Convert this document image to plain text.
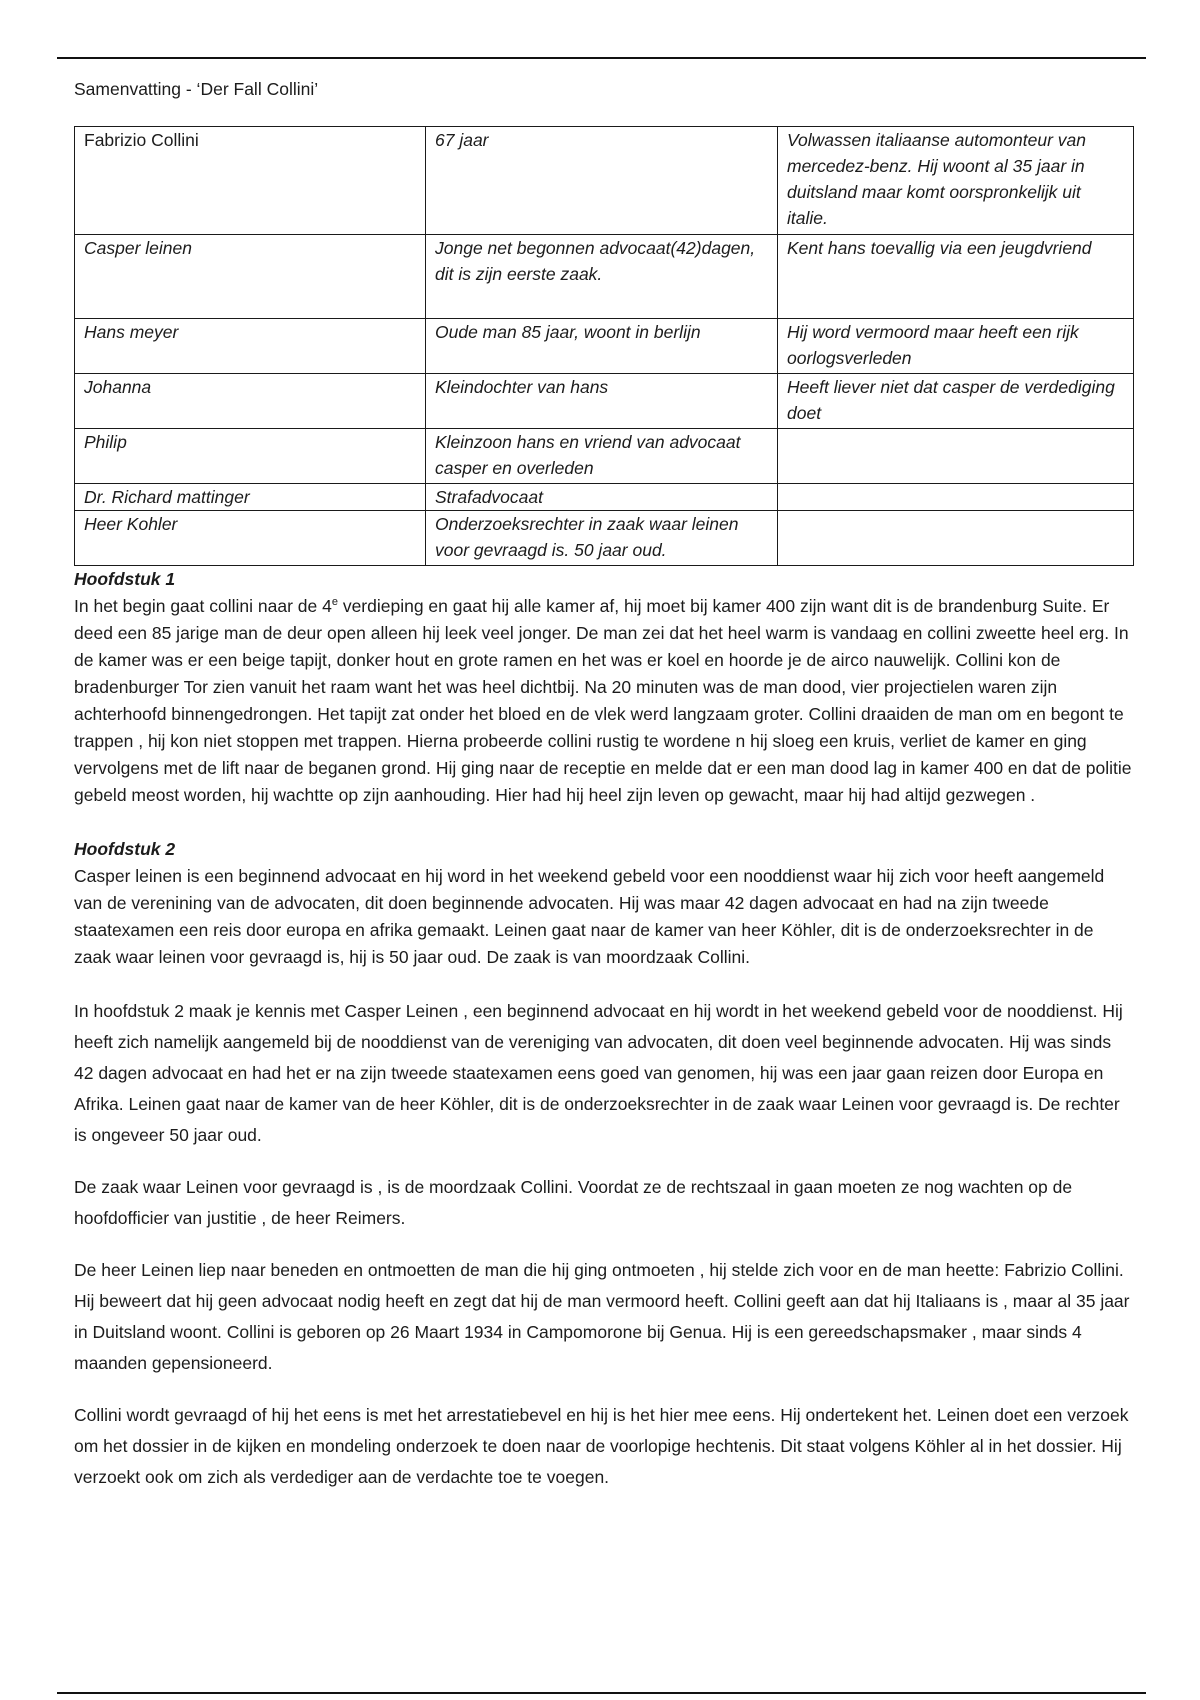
Samenvatting - ‘Der Fall Collini’

Fabrizio Collini	67 jaar	Volwassen italiaanse automonteur van mercedez-benz. Hij woont al 35 jaar in duitsland maar komt oorspronkelijk uit italie.
Casper leinen	Jonge net begonnen advocaat(42)dagen, dit is zijn eerste zaak.	Kent hans toevallig via een jeugdvriend
Hans meyer	Oude man 85 jaar, woont in berlijn	Hij word vermoord maar heeft een rijk oorlogsverleden
Johanna	Kleindochter van hans	Heeft liever niet dat casper de verdediging doet
Philip	Kleinzoon hans en vriend van advocaat casper en overleden	
Dr. Richard mattinger	Strafadvocaat	
Heer Kohler	Onderzoeksrechter in zaak waar leinen voor gevraagd is. 50 jaar oud.	
Hoofdstuk 1

In het begin gaat collini naar de 4e verdieping en gaat hij alle kamer af, hij moet bij kamer 400 zijn want dit is de brandenburg Suite. Er deed een 85 jarige man de deur open alleen hij leek veel jonger. De man zei dat het heel warm is vandaag en collini zweette heel erg. In de kamer was er een beige tapijt, donker hout en grote ramen en het was er koel en hoorde je de airco nauwelijk. Collini kon de bradenburger Tor zien vanuit het raam want het was heel dichtbij. Na 20 minuten was de man dood, vier projectielen waren zijn achterhoofd binnengedrongen. Het tapijt zat onder het bloed en de vlek werd langzaam groter. Collini draaiden de man om en begont te trappen , hij kon niet stoppen met trappen. Hierna probeerde collini rustig te wordene n hij sloeg een kruis, verliet de kamer en ging vervolgens met de lift naar de beganen grond. Hij ging naar de receptie en melde dat er een man dood lag in kamer 400 en dat de politie gebeld meost worden, hij wachtte op zijn aanhouding. Hier had hij heel zijn leven op gewacht, maar hij had altijd gezwegen .

Hoofdstuk 2

Casper leinen is een beginnend advocaat en hij word in het weekend gebeld voor een nooddienst waar hij zich voor heeft aangemeld van de verenining van de advocaten, dit doen beginnende advocaten. Hij was maar 42 dagen advocaat en had na zijn tweede staatexamen een reis door europa en afrika gemaakt. Leinen gaat naar de kamer van heer Köhler, dit is de onderzoeksrechter in de zaak waar leinen voor gevraagd is, hij is 50 jaar oud. De zaak is van moordzaak Collini.

In hoofdstuk 2 maak je kennis met Casper Leinen , een beginnend advocaat en hij wordt in het weekend gebeld voor de nooddienst. Hij heeft zich namelijk aangemeld bij de nooddienst van de vereniging van advocaten, dit doen veel beginnende advocaten. Hij was sinds 42 dagen advocaat en had het er na zijn tweede staatexamen eens goed van genomen, hij was een jaar gaan reizen door Europa en Afrika. Leinen gaat naar de kamer van de heer Köhler, dit is de onderzoeksrechter in de zaak waar Leinen voor gevraagd is. De rechter is ongeveer 50 jaar oud.

De zaak waar Leinen voor gevraagd is , is de moordzaak Collini. Voordat ze de rechtszaal in gaan moeten ze nog wachten op de hoofdofficier van justitie , de heer Reimers.

De heer Leinen liep naar beneden en ontmoetten de man die hij ging ontmoeten , hij stelde zich voor en de man heette: Fabrizio Collini. Hij beweert dat hij geen advocaat nodig heeft en zegt dat hij de man vermoord heeft. Collini geeft aan dat hij Italiaans is , maar al 35 jaar in Duitsland woont. Collini is geboren op 26 Maart 1934 in Campomorone bij Genua. Hij is een gereedschapsmaker , maar sinds 4 maanden gepensioneerd.

Collini wordt gevraagd of hij het eens is met het arrestatiebevel en hij is het hier mee eens. Hij ondertekent het. Leinen doet een verzoek om het dossier in de kijken en mondeling onderzoek te doen naar de voorlopige hechtenis. Dit staat volgens Köhler al in het dossier. Hij verzoekt ook om zich als verdediger aan de verdachte toe te voegen.
